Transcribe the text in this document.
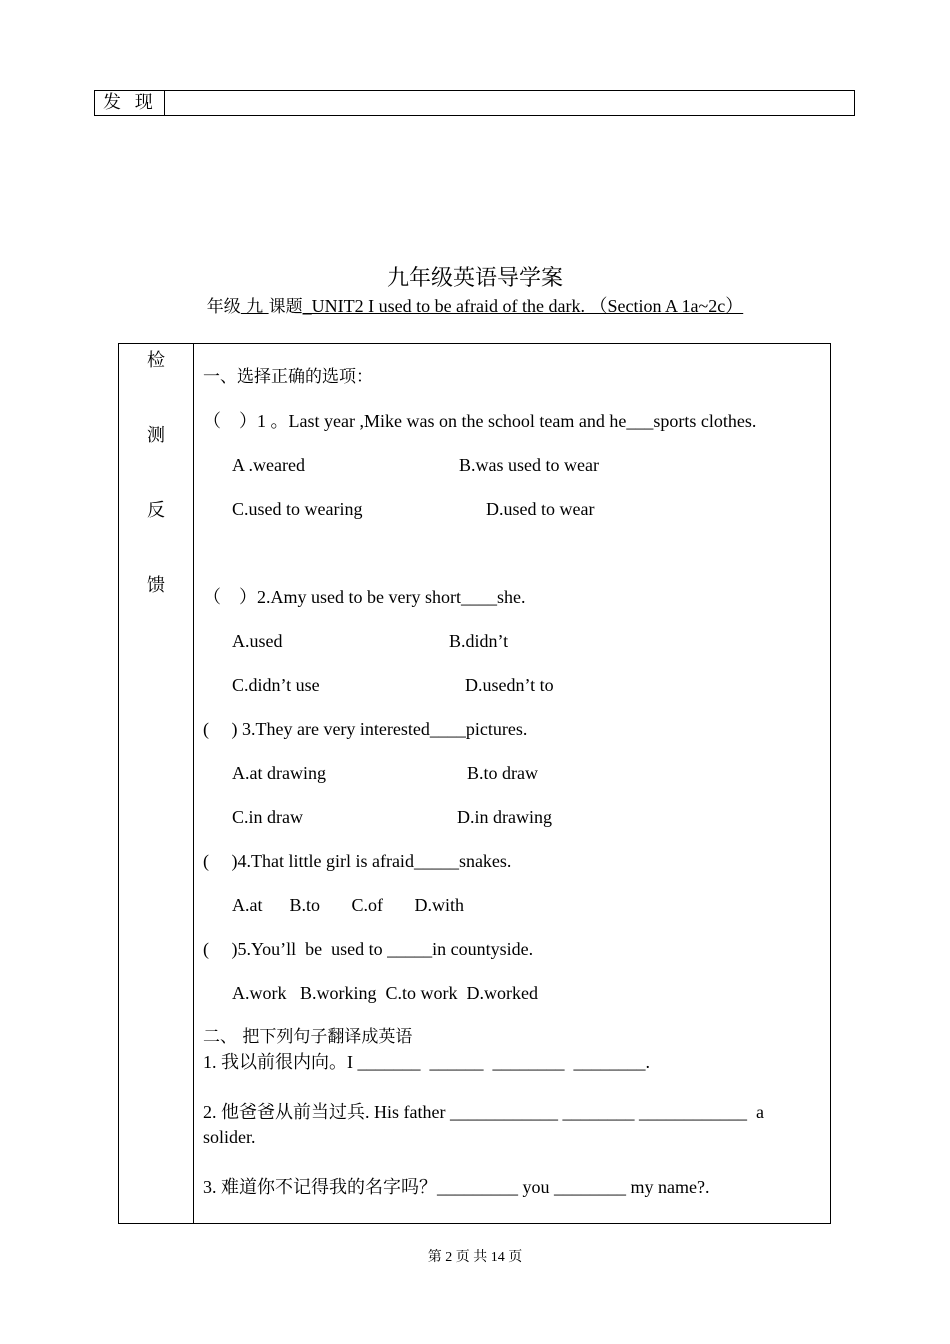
发 现
九年级英语导学案
年级 九 课题_UNIT2 I used to be afraid of the dark. （Section A 1a~2c）
检
测
反
馈
一、选择正确的选项：
（    ）1 。Last year ,Mike was on the school team and he___sports clothes.
A .weared	B.was used to wear
C.used to wearing	D.used to wear
（    ）2.Amy used to be very short____she.
A.used	B.didn’t
C.didn’t use	D.usedn’t to
(     ) 3.They are very interested____pictures.
A.at drawing	B.to draw
C.in draw	D.in drawing
(     )4.That little girl is afraid_____snakes.
A.at      B.to       C.of       D.with
(     )5.You’ll  be  used to _____in countyside.
A.work   B.working  C.to work  D.worked
二、 把下列句子翻译成英语
1. 我以前很内向。I _______  ______  ________  ________.
2. 他爸爸从前当过兵. His father ____________ ________ ____________  a
solider.
3. 难道你不记得我的名字吗？_________ you ________ my name?.
第 2 页 共 14 页
